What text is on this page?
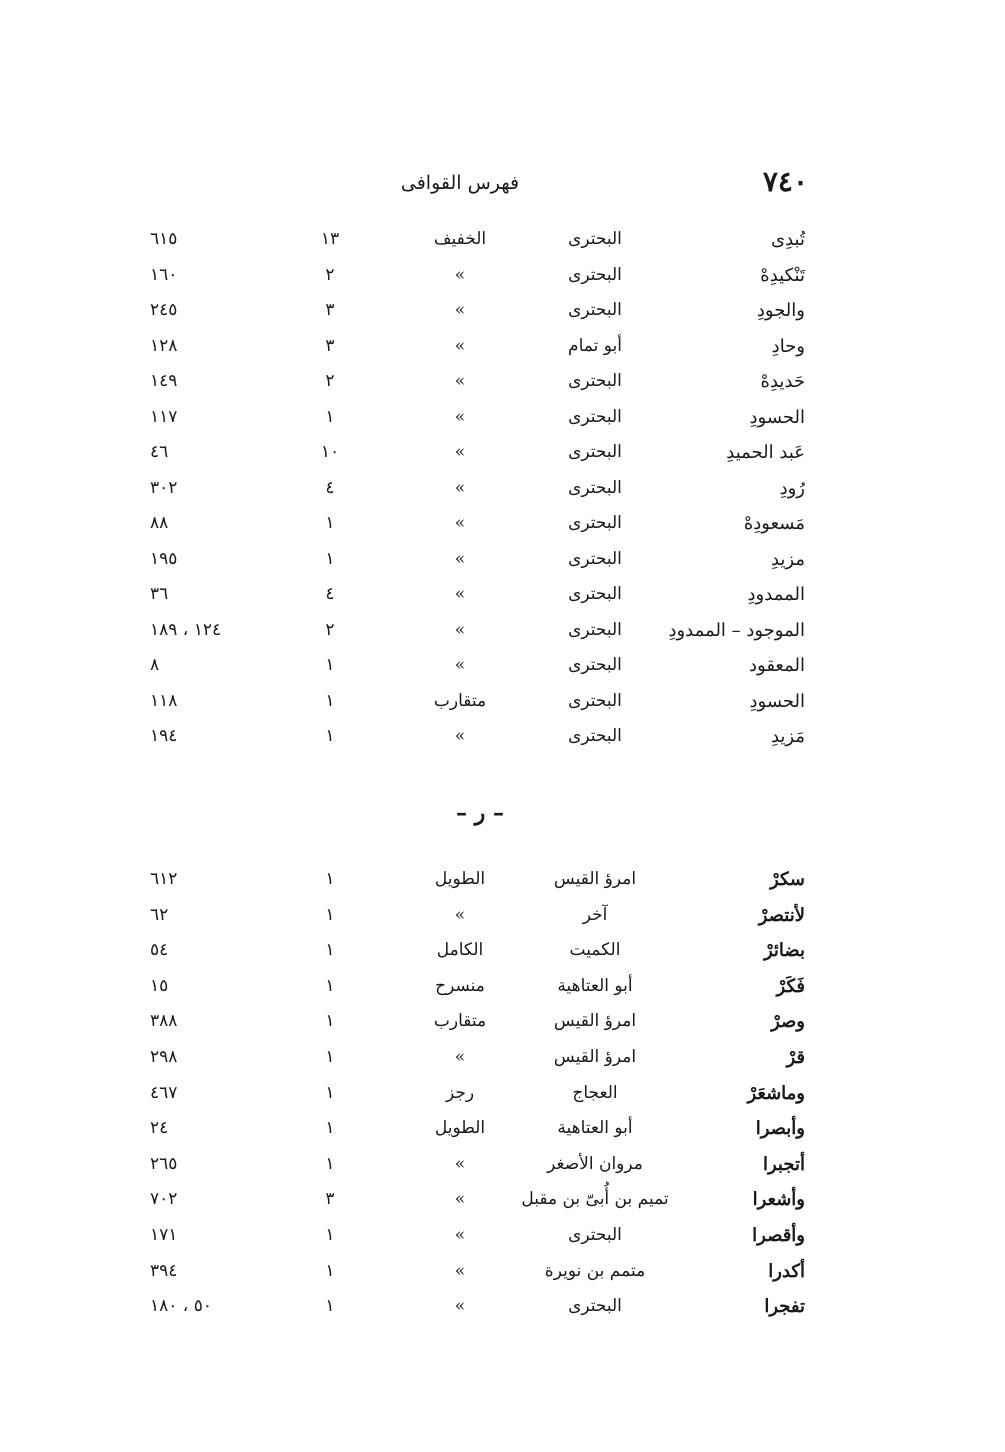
٧٤٠
فهرس القوافى
تُبدِى
البحترى
الخفيف
١٣
٦١٥
تَنْكيدِهْ
البحترى
»
٢
١٦٠
والجودِ
البحترى
»
٣
٢٤٥
وحادِ
أبو تمام
»
٣
١٢٨
حَديدِهْ
البحترى
»
٢
١٤٩
الحسودِ
البحترى
»
١
١١٧
عَبد الحميدِ
البحترى
»
١٠
٤٦
رُودِ
البحترى
»
٤
٣٠٢
مَسعودِهْ
البحترى
»
١
٨٨
مزيدِ
البحترى
»
١
١٩٥
الممدودِ
البحترى
»
٤
٣٦
الموجود – الممدودِ
البحترى
»
٢
١٢٤ ، ١٨٩
المعقود
البحترى
»
١
٨
الحسودِ
البحترى
متقارب
١
١١٨
مَزيدِ
البحترى
»
١
١٩٤
– ر –
سكرْ
امرؤ القيس
الطويل
١
٦١٢
لأنتصرْ
آخر
»
١
٦٢
بضائرْ
الكميت
الكامل
١
٥٤
فَكَرْ
أبو العتاهية
منسرح
١
١٥
وصرْ
امرؤ القيس
متقارب
١
٣٨٨
قرْ
امرؤ القيس
»
١
٢٩٨
وماشعَرْ
العجاج
رجز
١
٤٦٧
وأبصرا
أبو العتاهية
الطويل
١
٢٤
أتجبرا
مروان الأصغر
»
١
٢٦٥
وأشعرا
تميم بن أُبىّ بن مقبل
»
٣
٧٠٢
وأقصرا
البحترى
»
١
١٧١
أكدرا
متمم بن نويرة
»
١
٣٩٤
تفجرا
البحترى
»
١
٥٠ ، ١٨٠
